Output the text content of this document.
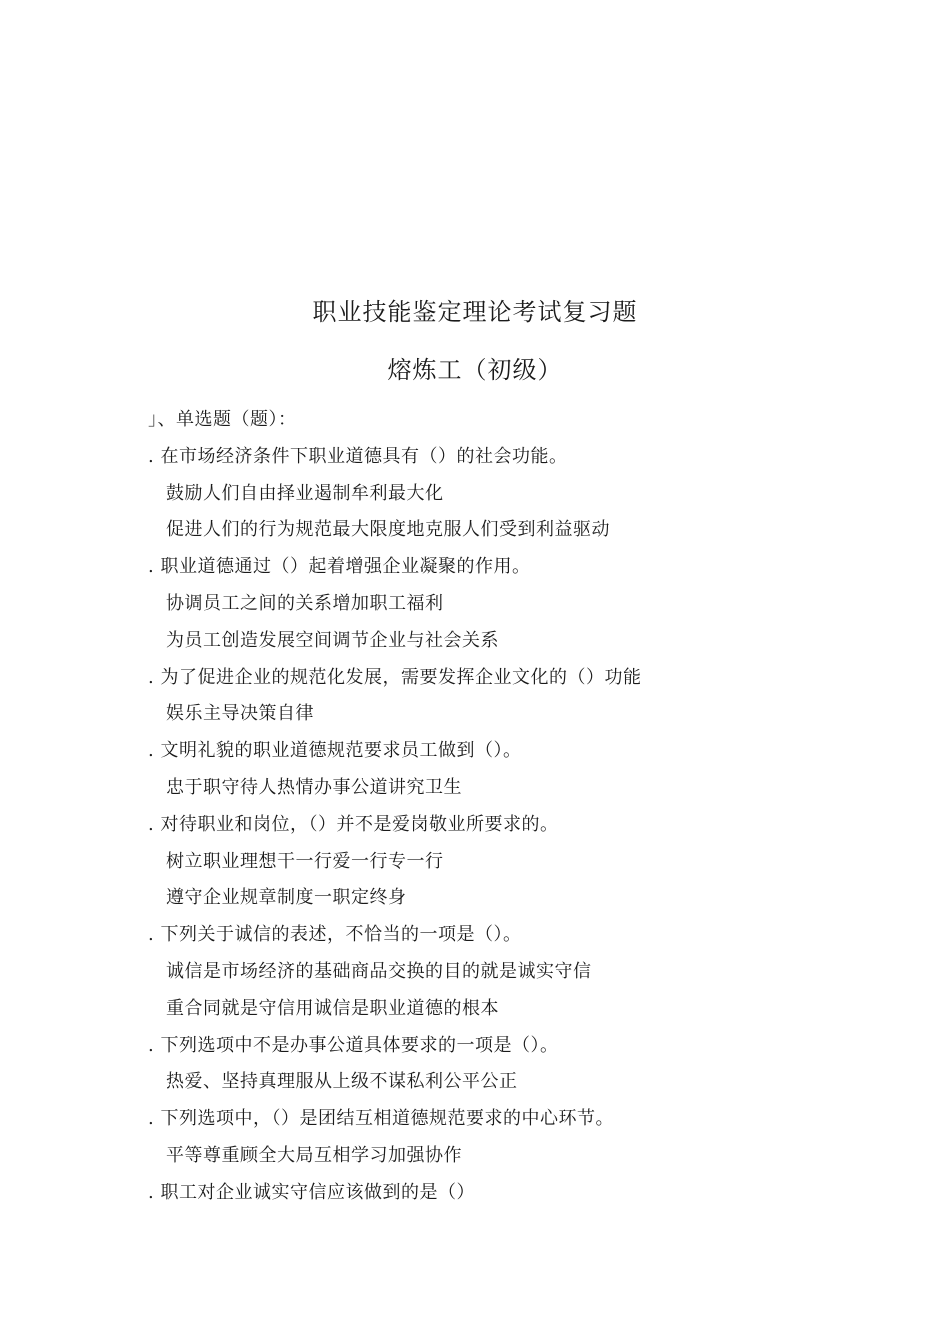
职业技能鉴定理论考试复习题
熔炼工（初级）
」、单选题（题）：
. 在市场经济条件下职业道德具有（）的社会功能。
鼓励人们自由择业遏制牟利最大化
促进人们的行为规范最大限度地克服人们受到利益驱动
. 职业道德通过（）起着增强企业凝聚的作用。
协调员工之间的关系增加职工福利
为员工创造发展空间调节企业与社会关系
. 为了促进企业的规范化发展，需要发挥企业文化的（）功能
娱乐主导决策自律
. 文明礼貌的职业道德规范要求员工做到（）。
忠于职守待人热情办事公道讲究卫生
. 对待职业和岗位，（）并不是爱岗敬业所要求的。
树立职业理想干一行爱一行专一行
遵守企业规章制度一职定终身
. 下列关于诚信的表述，不恰当的一项是（）。
诚信是市场经济的基础商品交换的目的就是诚实守信
重合同就是守信用诚信是职业道德的根本
. 下列选项中不是办事公道具体要求的一项是（）。
热爱、坚持真理服从上级不谋私利公平公正
. 下列选项中，（）是团结互相道德规范要求的中心环节。
平等尊重顾全大局互相学习加强协作
. 职工对企业诚实守信应该做到的是（）
